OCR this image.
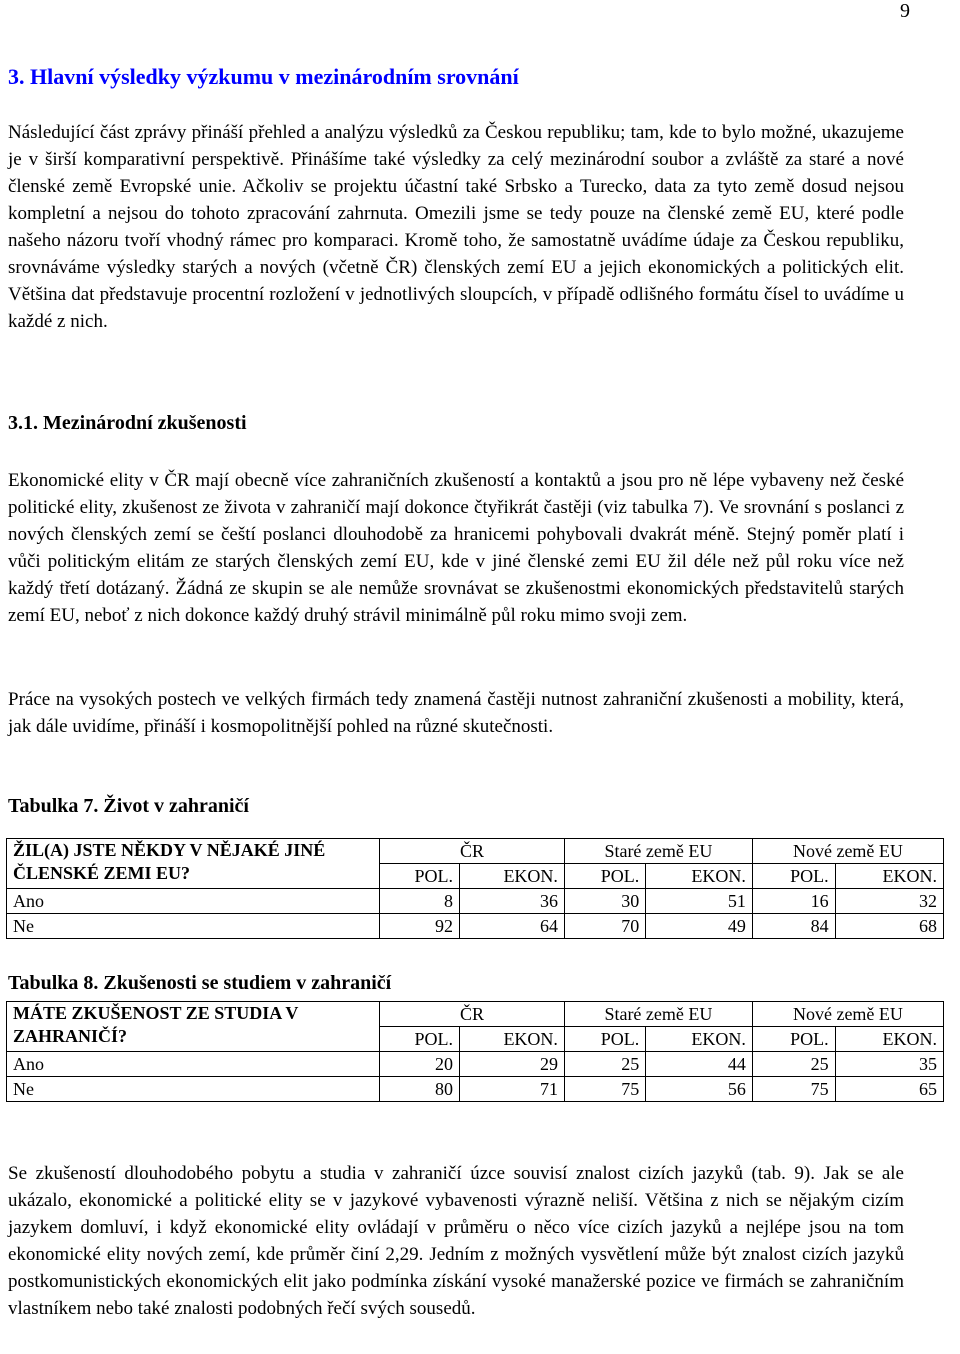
9
3. Hlavní výsledky výzkumu v mezinárodním srovnání

Následující část zprávy přináší přehled a analýzu výsledků za Českou republiku; tam, kde to bylo možné, ukazujeme je v širší komparativní perspektivě. Přinášíme také výsledky za celý mezinárodní soubor a zvláště za staré a nové členské země Evropské unie. Ačkoliv se projektu účastní také Srbsko a Turecko, data za tyto země dosud nejsou kompletní a nejsou do tohoto zpracování zahrnuta. Omezili jsme se tedy pouze na členské země EU, které podle našeho názoru tvoří vhodný rámec pro komparaci. Kromě toho, že samostatně uvádíme údaje za Českou republiku, srovnáváme výsledky starých a nových (včetně ČR) členských zemí EU a jejich ekonomických a politických elit. Většina dat představuje procentní rozložení v jednotlivých sloupcích, v případě odlišného formátu čísel to uvádíme u každé z nich.

3.1. Mezinárodní zkušenosti

Ekonomické elity v ČR mají obecně více zahraničních zkušeností a kontaktů a jsou pro ně lépe vybaveny než české politické elity, zkušenost ze života v zahraničí mají dokonce čtyřikrát častěji (viz tabulka 7). Ve srovnání s poslanci z nových členských zemí se čeští poslanci dlouhodobě za hranicemi pohybovali dvakrát méně. Stejný poměr platí i vůči politickým elitám ze starých členských zemí EU, kde v jiné členské zemi EU žil déle než půl roku více než každý třetí dotázaný. Žádná ze skupin se ale nemůže srovnávat se zkušenostmi ekonomických představitelů starých zemí EU, neboť z nich dokonce každý druhý strávil minimálně půl roku mimo svoji zem.

Práce na vysokých postech ve velkých firmách tedy znamená častěji nutnost zahraniční zkušenosti a mobility, která, jak dále uvidíme, přináší i kosmopolitnější pohled na různé skutečnosti.

Tabulka 7. Život v zahraničí
ŽIL(A) JSTE NĚKDY V NĚJAKÉ JINÉ ČLENSKÉ ZEMI EU?	ČR		Staré země EU		Nové země EU	
	POL.	EKON.	POL.	EKON.	POL.	EKON.
Ano	8	36	30	51	16	32
Ne	92	64	70	49	84	68
Tabulka 8. Zkušenosti se studiem v zahraničí
MÁTE ZKUŠENOST ZE STUDIA V ZAHRANIČÍ?	ČR		Staré země EU		Nové země EU	
	POL.	EKON.	POL.	EKON.	POL.	EKON.
Ano	20	29	25	44	25	35
Ne	80	71	75	56	75	65

Se zkušeností dlouhodobého pobytu a studia v zahraničí úzce souvisí znalost cizích jazyků (tab. 9). Jak se ale ukázalo, ekonomické a politické elity se v jazykové vybavenosti výrazně neliší. Většina z nich se nějakým cizím jazykem domluví, i když ekonomické elity ovládají v průměru o něco více cizích jazyků a nejlépe jsou na tom ekonomické elity nových zemí, kde průměr činí 2,29. Jedním z možných vysvětlení může být znalost cizích jazyků postkomunistických ekonomických elit jako podmínka získání vysoké manažerské pozice ve firmách se zahraničním vlastníkem nebo také znalosti podobných řečí svých sousedů.
